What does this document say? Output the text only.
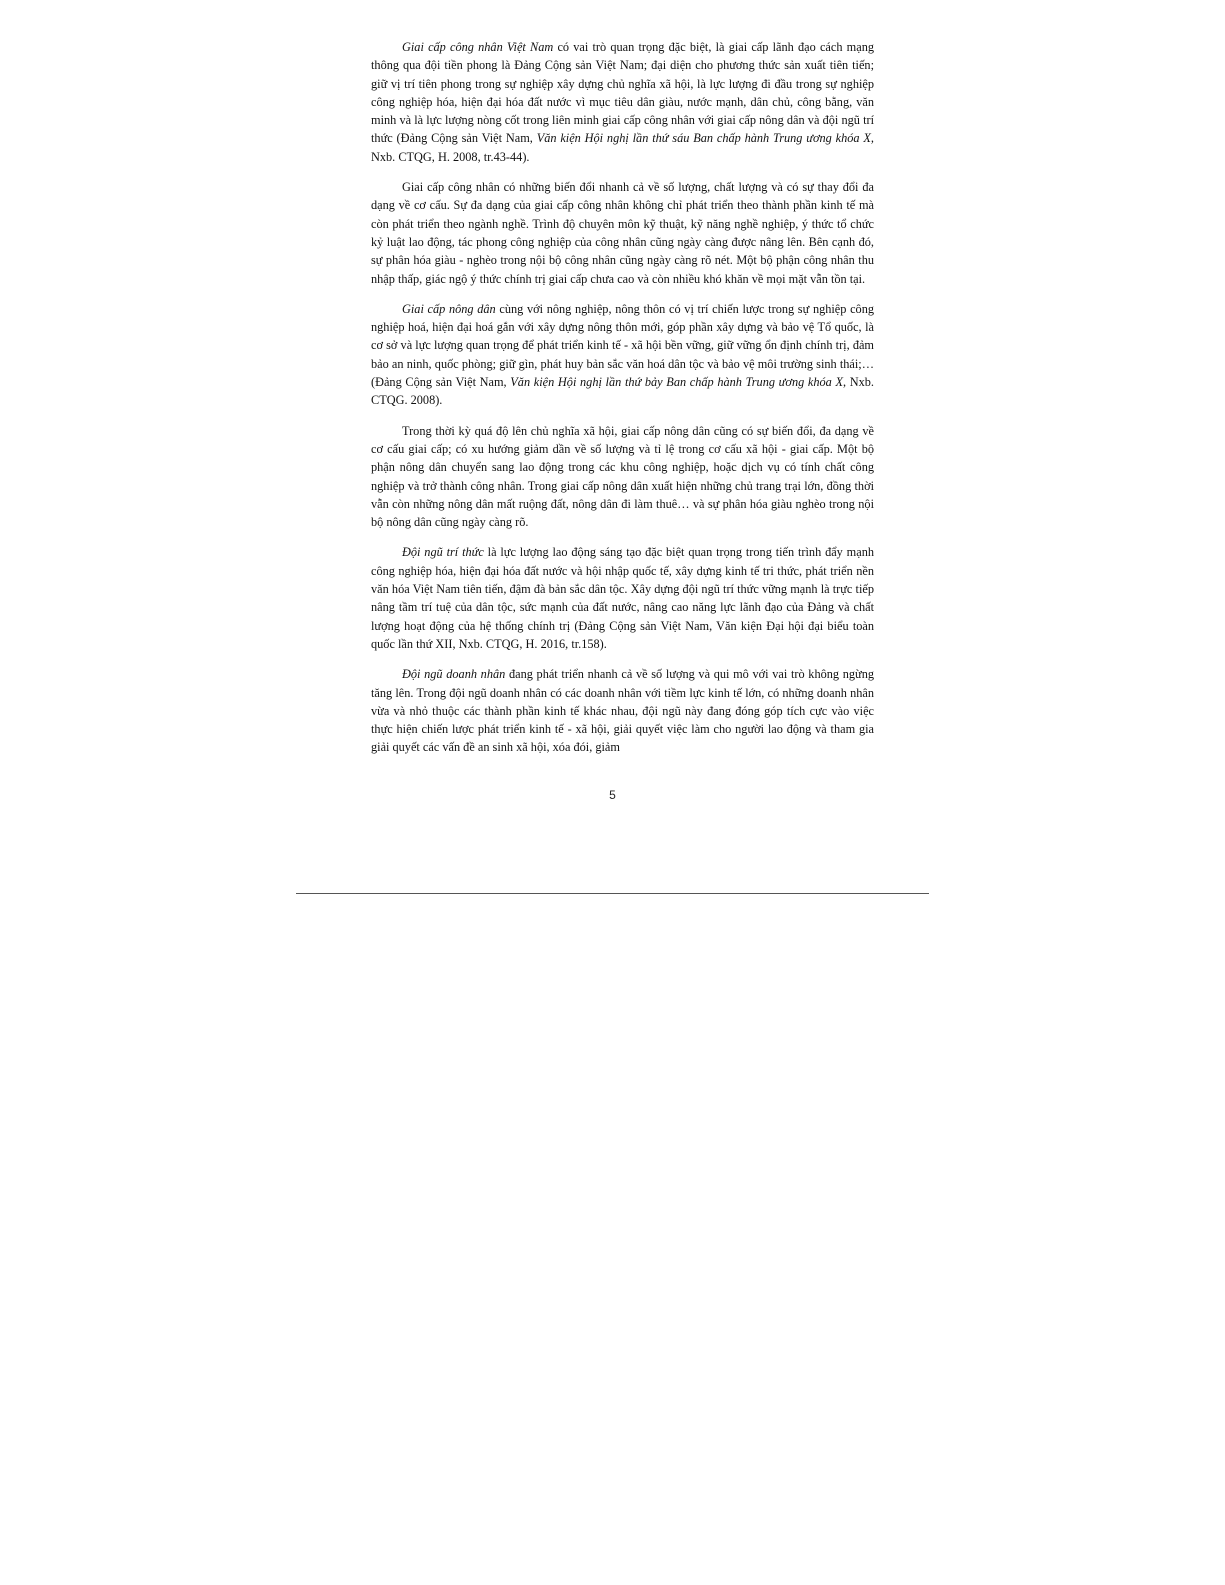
Giai cấp công nhân Việt Nam có vai trò quan trọng đặc biệt, là giai cấp lãnh đạo cách mạng thông qua đội tiền phong là Đảng Cộng sản Việt Nam; đại diện cho phương thức sản xuất tiên tiến; giữ vị trí tiên phong trong sự nghiệp xây dựng chủ nghĩa xã hội, là lực lượng đi đầu trong sự nghiệp công nghiệp hóa, hiện đại hóa đất nước vì mục tiêu dân giàu, nước mạnh, dân chủ, công bằng, văn minh và là lực lượng nòng cốt trong liên minh giai cấp công nhân với giai cấp nông dân và đội ngũ trí thức (Đảng Cộng sản Việt Nam, Văn kiện Hội nghị lần thứ sáu Ban chấp hành Trung ương khóa X, Nxb. CTQG, H. 2008, tr.43-44).

Giai cấp công nhân có những biến đổi nhanh cả về số lượng, chất lượng và có sự thay đổi đa dạng về cơ cấu. Sự đa dạng của giai cấp công nhân không chỉ phát triển theo thành phần kinh tế mà còn phát triển theo ngành nghề. Trình độ chuyên môn kỹ thuật, kỹ năng nghề nghiệp, ý thức tổ chức kỷ luật lao động, tác phong công nghiệp của công nhân cũng ngày càng được nâng lên. Bên cạnh đó, sự phân hóa giàu - nghèo trong nội bộ công nhân cũng ngày càng rõ nét. Một bộ phận công nhân thu nhập thấp, giác ngộ ý thức chính trị giai cấp chưa cao và còn nhiều khó khăn về mọi mặt vẫn tồn tại.

Giai cấp nông dân cùng với nông nghiệp, nông thôn có vị trí chiến lược trong sự nghiệp công nghiệp hoá, hiện đại hoá gắn với xây dựng nông thôn mới, góp phần xây dựng và bảo vệ Tổ quốc, là cơ sở và lực lượng quan trọng để phát triển kinh tế - xã hội bền vững, giữ vững ổn định chính trị, đảm bảo an ninh, quốc phòng; giữ gìn, phát huy bản sắc văn hoá dân tộc và bảo vệ môi trường sinh thái;…(Đảng Cộng sản Việt Nam, Văn kiện Hội nghị lần thứ bảy Ban chấp hành Trung ương khóa X, Nxb. CTQG. 2008).

Trong thời kỳ quá độ lên chủ nghĩa xã hội, giai cấp nông dân cũng có sự biến đổi, đa dạng về cơ cấu giai cấp; có xu hướng giảm dần về số lượng và tỉ lệ trong cơ cấu xã hội - giai cấp. Một bộ phận nông dân chuyển sang lao động trong các khu công nghiệp, hoặc dịch vụ có tính chất công nghiệp và trở thành công nhân. Trong giai cấp nông dân xuất hiện những chủ trang trại lớn, đồng thời vẫn còn những nông dân mất ruộng đất, nông dân đi làm thuê… và sự phân hóa giàu nghèo trong nội bộ nông dân cũng ngày càng rõ.

Đội ngũ trí thức là lực lượng lao động sáng tạo đặc biệt quan trọng trong tiến trình đẩy mạnh công nghiệp hóa, hiện đại hóa đất nước và hội nhập quốc tế, xây dựng kinh tế tri thức, phát triển nền văn hóa Việt Nam tiên tiến, đậm đà bản sắc dân tộc. Xây dựng đội ngũ trí thức vững mạnh là trực tiếp nâng tầm trí tuệ của dân tộc, sức mạnh của đất nước, nâng cao năng lực lãnh đạo của Đảng và chất lượng hoạt động của hệ thống chính trị (Đảng Cộng sản Việt Nam, Văn kiện Đại hội đại biểu toàn quốc lần thứ XII, Nxb. CTQG, H. 2016, tr.158).

Đội ngũ doanh nhân đang phát triển nhanh cả về số lượng và qui mô với vai trò không ngừng tăng lên. Trong đội ngũ doanh nhân có các doanh nhân với tiềm lực kinh tế lớn, có những doanh nhân vừa và nhỏ thuộc các thành phần kinh tế khác nhau, đội ngũ này đang đóng góp tích cực vào việc thực hiện chiến lược phát triển kinh tế - xã hội, giải quyết việc làm cho người lao động và tham gia giải quyết các vấn đề an sinh xã hội, xóa đói, giảm

5
